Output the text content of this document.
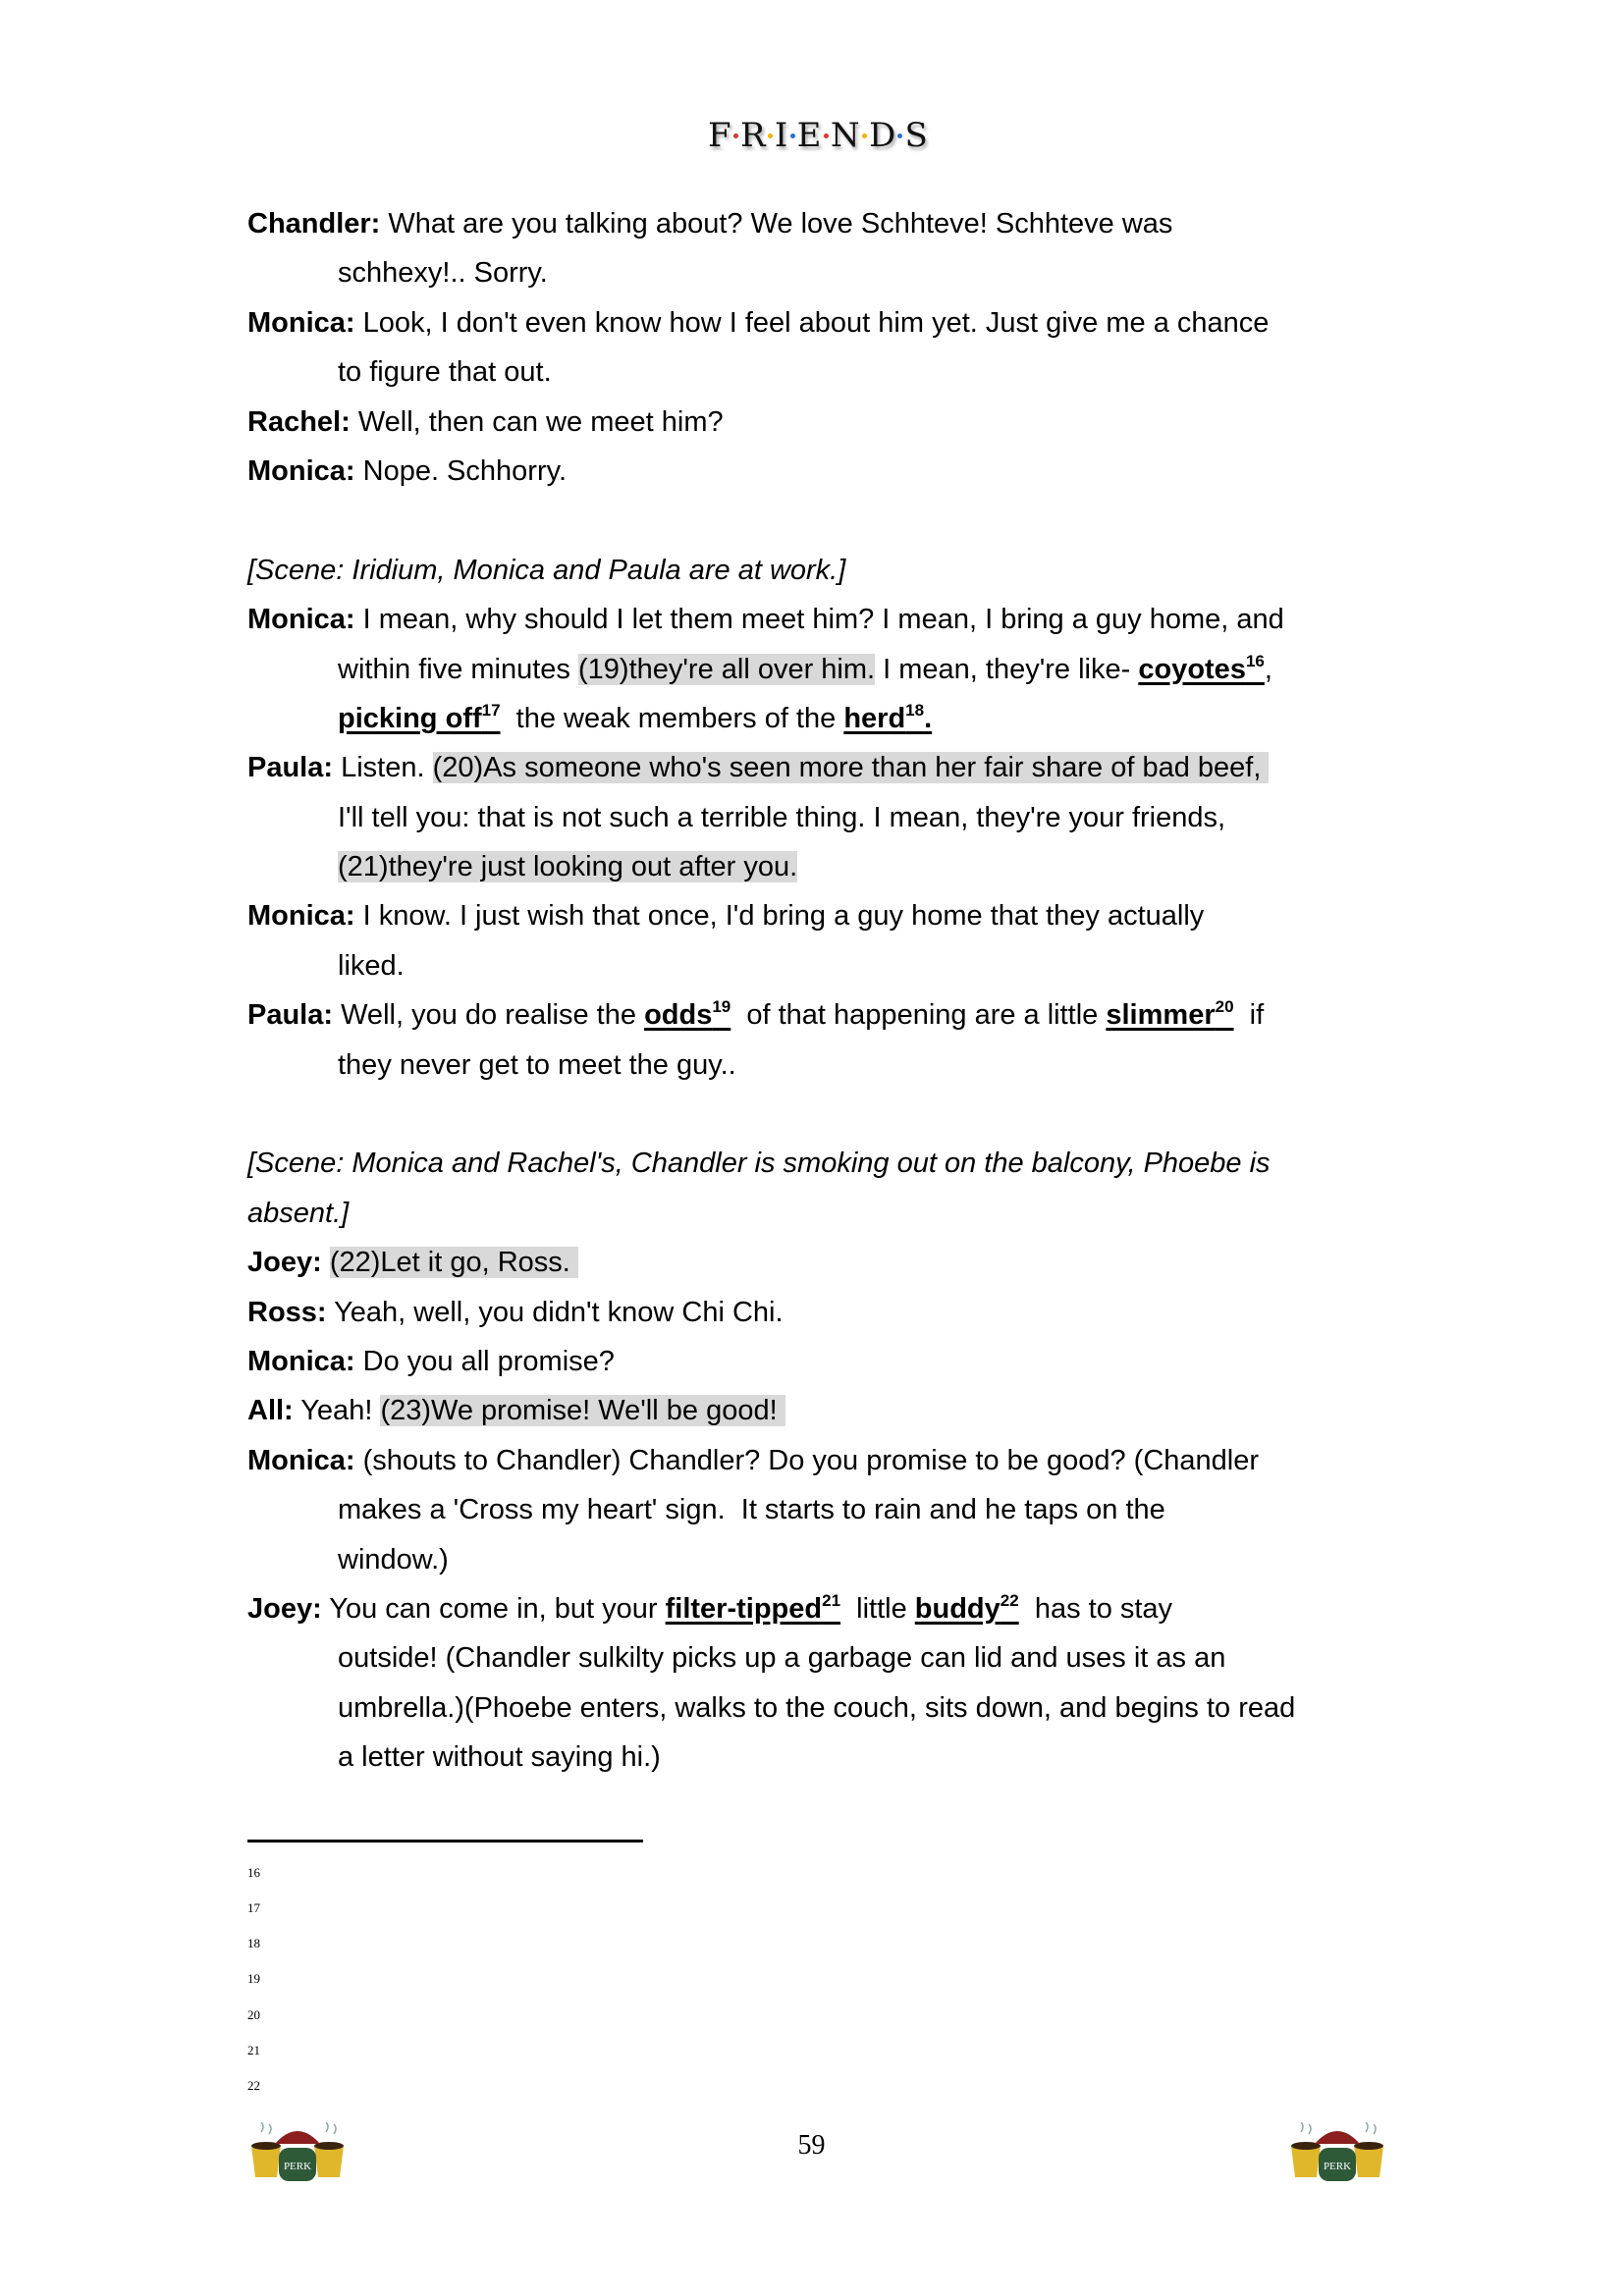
F R I E N D S
Chandler: What are you talking about? We love Schhteve! Schhteve was
schhexy!.. Sorry.
Monica: Look, I don't even know how I feel about him yet. Just give me a chance
to figure that out.
Rachel: Well, then can we meet him?
Monica: Nope. Schhorry.
[Scene: Iridium, Monica and Paula are at work.]
Monica: I mean, why should I let them meet him? I mean, I bring a guy home, and
within five minutes (19)they're all over him. I mean, they're like- coyotes$^{16}$,
picking off$^{17}$  the weak members of the herd$^{18}$.
Paula: Listen. (20)As someone who's seen more than her fair share of bad beef,
I'll tell you: that is not such a terrible thing. I mean, they're your friends,
(21)they're just looking out after you.
Monica: I know. I just wish that once, I'd bring a guy home that they actually
liked.
Paula: Well, you do realise the odds$^{19}$  of that happening are a little slimmer$^{20}$  if
they never get to meet the guy..
[Scene: Monica and Rachel's, Chandler is smoking out on the balcony, Phoebe is
absent.]
Joey: (22)Let it go, Ross.
Ross: Yeah, well, you didn't know Chi Chi.
Monica: Do you all promise?
All: Yeah! (23)We promise! We'll be good!
Monica: (shouts to Chandler) Chandler? Do you promise to be good? (Chandler
makes a 'Cross my heart' sign.  It starts to rain and he taps on the
window.)
Joey: You can come in, but your filter-tipped$^{21}$  little buddy$^{22}$  has to stay
outside! (Chandler sulkilty picks up a garbage can lid and uses it as an
umbrella.)(Phoebe enters, walks to the couch, sits down, and begins to read
a letter without saying hi.)
16
17
18
19
20
21
22
59
PERK	PERK
